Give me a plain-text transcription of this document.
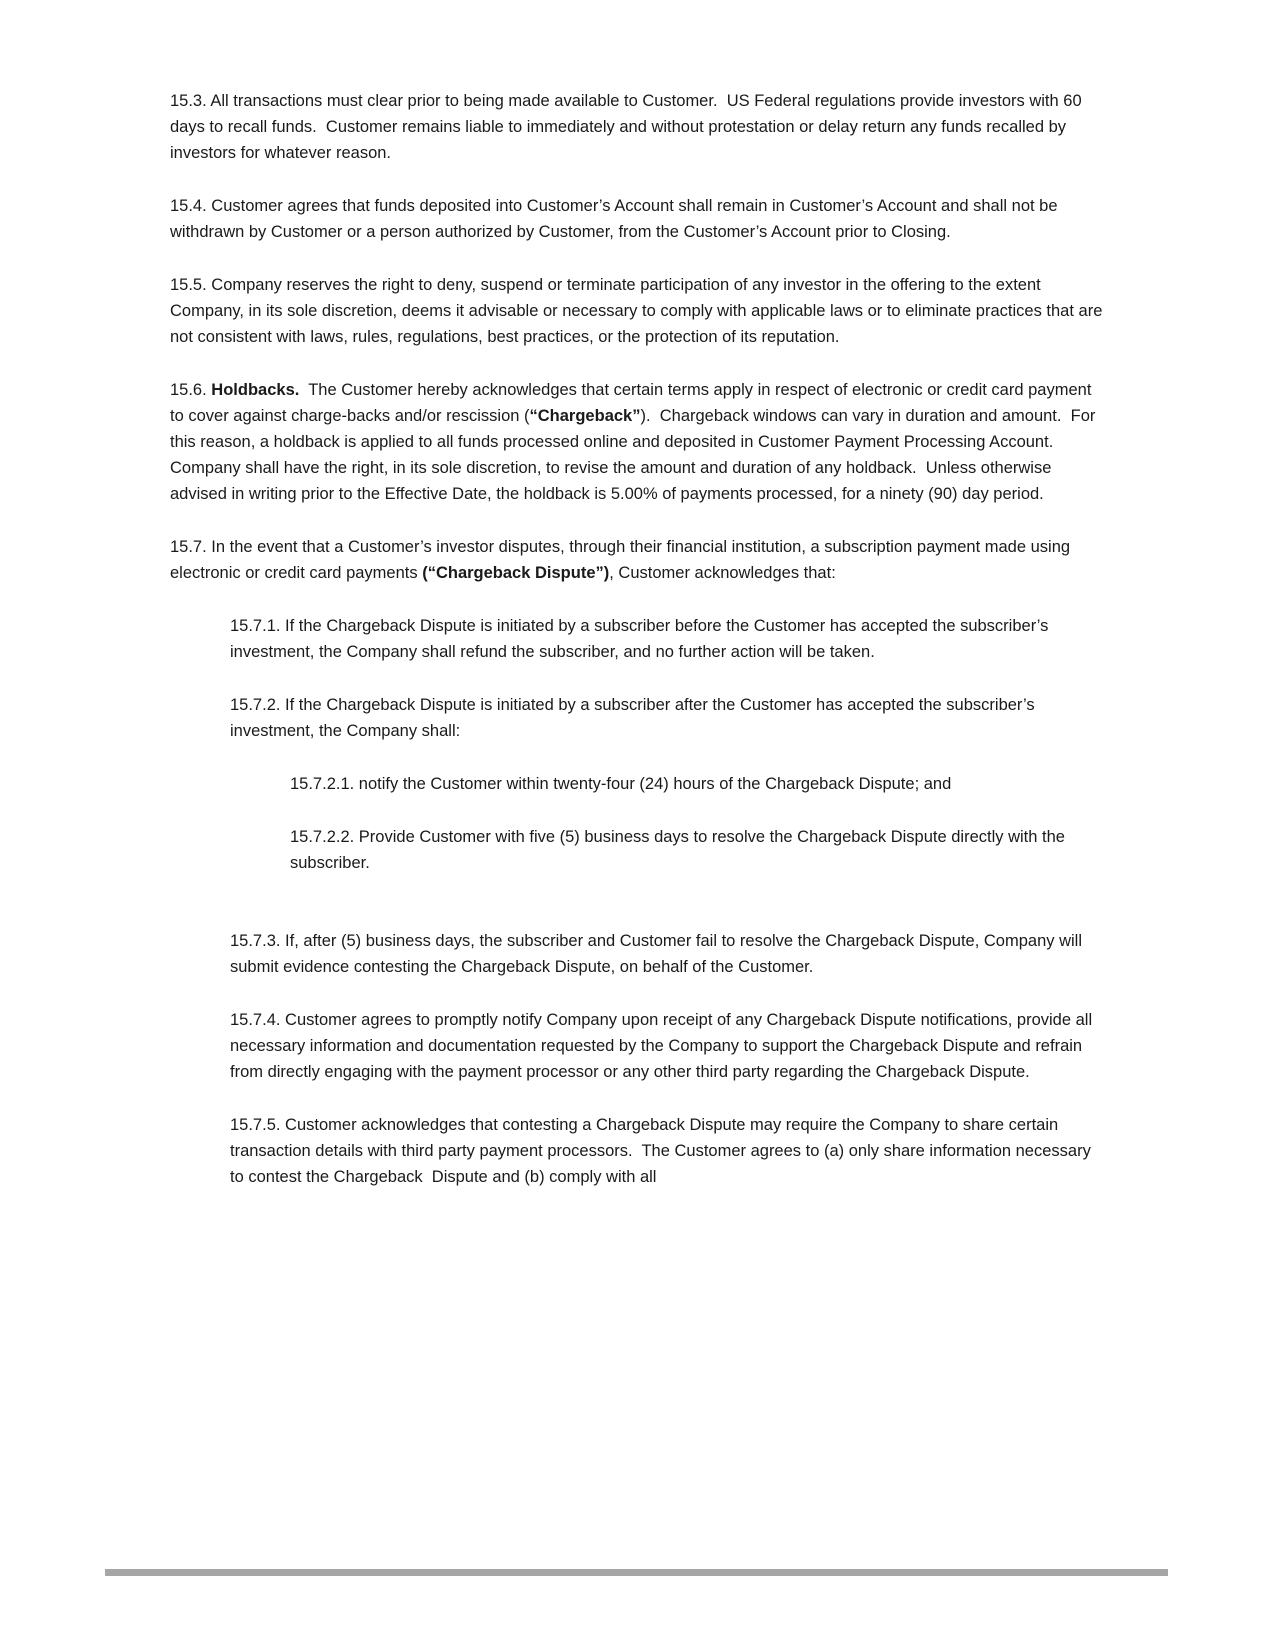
15.3. All transactions must clear prior to being made available to Customer.  US Federal regulations provide investors with 60 days to recall funds.  Customer remains liable to immediately and without protestation or delay return any funds recalled by investors for whatever reason.

15.4. Customer agrees that funds deposited into Customer’s Account shall remain in Customer’s Account and shall not be withdrawn by Customer or a person authorized by Customer, from the Customer’s Account prior to Closing.

15.5. Company reserves the right to deny, suspend or terminate participation of any investor in the offering to the extent Company, in its sole discretion, deems it advisable or necessary to comply with applicable laws or to eliminate practices that are not consistent with laws, rules, regulations, best practices, or the protection of its reputation.

15.6. Holdbacks.  The Customer hereby acknowledges that certain terms apply in respect of electronic or credit card payment to cover against charge-backs and/or rescission (“Chargeback”).  Chargeback windows can vary in duration and amount.  For this reason, a holdback is applied to all funds processed online and deposited in Customer Payment Processing Account.  Company shall have the right, in its sole discretion, to revise the amount and duration of any holdback.  Unless otherwise advised in writing prior to the Effective Date, the holdback is 5.00% of payments processed, for a ninety (90) day period.

15.7. In the event that a Customer’s investor disputes, through their financial institution, a subscription payment made using electronic or credit card payments (“Chargeback Dispute”), Customer acknowledges that:

15.7.1. If the Chargeback Dispute is initiated by a subscriber before the Customer has accepted the subscriber’s investment, the Company shall refund the subscriber, and no further action will be taken.

15.7.2. If the Chargeback Dispute is initiated by a subscriber after the Customer has accepted the subscriber’s investment, the Company shall:

15.7.2.1. notify the Customer within twenty-four (24) hours of the Chargeback Dispute; and

15.7.2.2. Provide Customer with five (5) business days to resolve the Chargeback Dispute directly with the subscriber.

15.7.3. If, after (5) business days, the subscriber and Customer fail to resolve the Chargeback Dispute, Company will submit evidence contesting the Chargeback Dispute, on behalf of the Customer.

15.7.4. Customer agrees to promptly notify Company upon receipt of any Chargeback Dispute notifications, provide all necessary information and documentation requested by the Company to support the Chargeback Dispute and refrain from directly engaging with the payment processor or any other third party regarding the Chargeback Dispute.

15.7.5. Customer acknowledges that contesting a Chargeback Dispute may require the Company to share certain transaction details with third party payment processors.  The Customer agrees to (a) only share information necessary to contest the Chargeback  Dispute and (b) comply with all
